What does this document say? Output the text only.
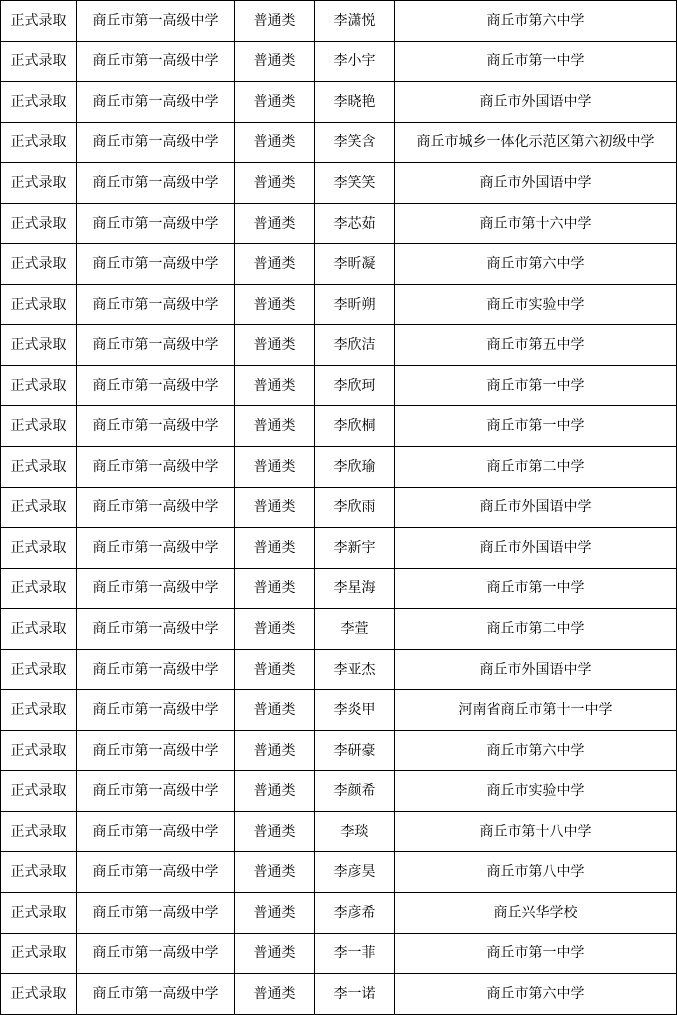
正式录取	商丘市第一高级中学	普通类	李潇悦	商丘市第六中学
正式录取	商丘市第一高级中学	普通类	李小宇	商丘市第一中学
正式录取	商丘市第一高级中学	普通类	李晓艳	商丘市外国语中学
正式录取	商丘市第一高级中学	普通类	李笑含	商丘市城乡一体化示范区第六初级中学
正式录取	商丘市第一高级中学	普通类	李笑笑	商丘市外国语中学
正式录取	商丘市第一高级中学	普通类	李芯茹	商丘市第十六中学
正式录取	商丘市第一高级中学	普通类	李昕凝	商丘市第六中学
正式录取	商丘市第一高级中学	普通类	李昕朔	商丘市实验中学
正式录取	商丘市第一高级中学	普通类	李欣洁	商丘市第五中学
正式录取	商丘市第一高级中学	普通类	李欣珂	商丘市第一中学
正式录取	商丘市第一高级中学	普通类	李欣桐	商丘市第一中学
正式录取	商丘市第一高级中学	普通类	李欣瑜	商丘市第二中学
正式录取	商丘市第一高级中学	普通类	李欣雨	商丘市外国语中学
正式录取	商丘市第一高级中学	普通类	李新宇	商丘市外国语中学
正式录取	商丘市第一高级中学	普通类	李星海	商丘市第一中学
正式录取	商丘市第一高级中学	普通类	李萱	商丘市第二中学
正式录取	商丘市第一高级中学	普通类	李亚杰	商丘市外国语中学
正式录取	商丘市第一高级中学	普通类	李炎甲	河南省商丘市第十一中学
正式录取	商丘市第一高级中学	普通类	李研豪	商丘市第六中学
正式录取	商丘市第一高级中学	普通类	李颜希	商丘市实验中学
正式录取	商丘市第一高级中学	普通类	李琰	商丘市第十八中学
正式录取	商丘市第一高级中学	普通类	李彦昊	商丘市第八中学
正式录取	商丘市第一高级中学	普通类	李彦希	商丘兴华学校
正式录取	商丘市第一高级中学	普通类	李一菲	商丘市第一中学
正式录取	商丘市第一高级中学	普通类	李一诺	商丘市第六中学
